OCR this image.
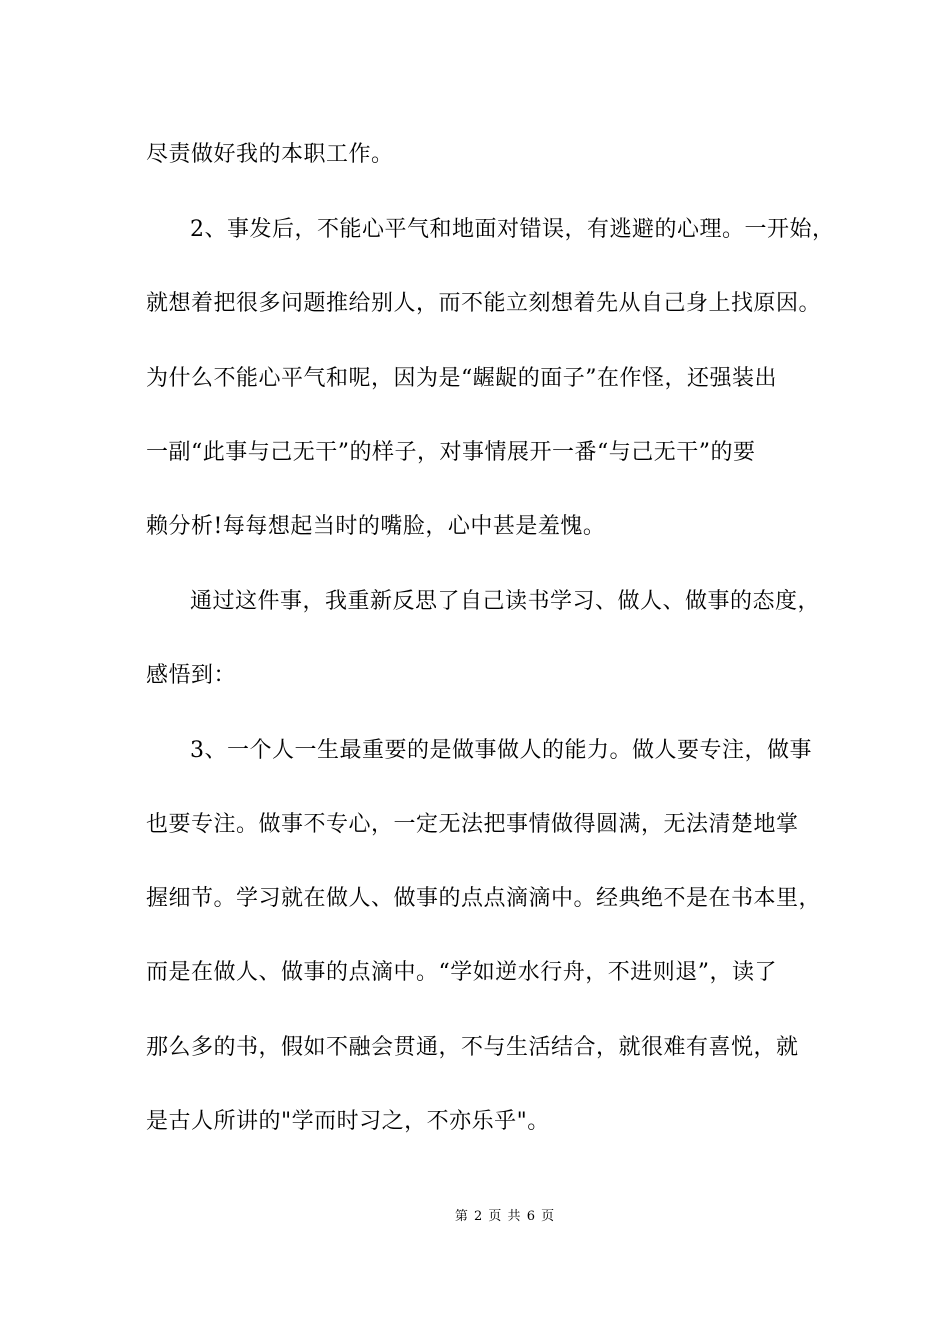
尽责做好我的本职工作。
2、事发后，不能心平气和地面对错误，有逃避的心理。一开始，
就想着把很多问题推给别人，而不能立刻想着先从自己身上找原因。
为什么不能心平气和呢，因为是“龌龊的面子”在作怪，还强装出
一副“此事与己无干”的样子，对事情展开一番“与己无干”的要
赖分析!每每想起当时的嘴脸，心中甚是羞愧。
通过这件事，我重新反思了自己读书学习、做人、做事的态度，
感悟到：
3、一个人一生最重要的是做事做人的能力。做人要专注，做事
也要专注。做事不专心，一定无法把事情做得圆满，无法清楚地掌
握细节。学习就在做人、做事的点点滴滴中。经典绝不是在书本里，
而是在做人、做事的点滴中。“学如逆水行舟，不进则退”，读了
那么多的书，假如不融会贯通，不与生活结合，就很难有喜悦，就
是古人所讲的"学而时习之，不亦乐乎"。
第 2 页 共 6 页
